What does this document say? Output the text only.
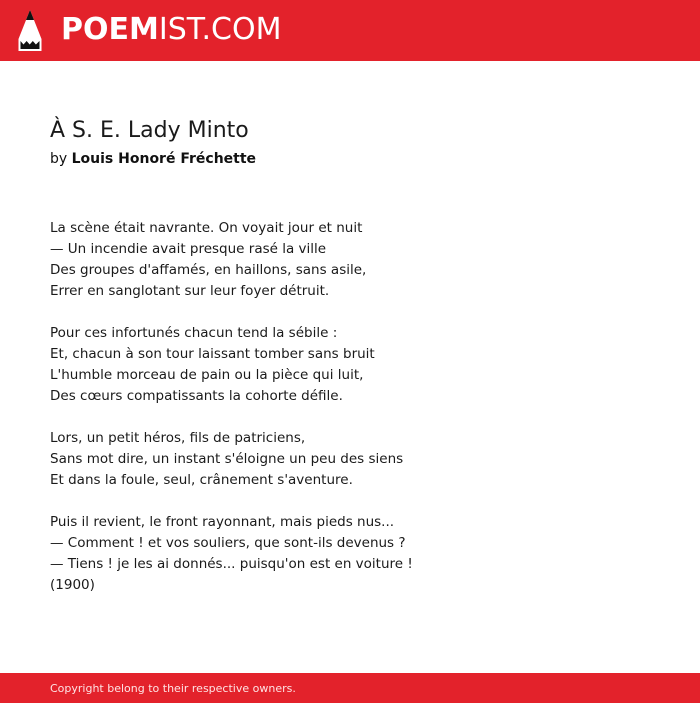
POEMIST.COM
À S. E. Lady Minto
by Louis Honoré Fréchette
La scène était navrante. On voyait jour et nuit
— Un incendie avait presque rasé la ville
Des groupes d'affamés, en haillons, sans asile,
Errer en sanglotant sur leur foyer détruit.
Pour ces infortunés chacun tend la sébile :
Et, chacun à son tour laissant tomber sans bruit
L'humble morceau de pain ou la pièce qui luit,
Des cœurs compatissants la cohorte défile.
Lors, un petit héros, fils de patriciens,
Sans mot dire, un instant s'éloigne un peu des siens
Et dans la foule, seul, crânement s'aventure.
Puis il revient, le front rayonnant, mais pieds nus...
— Comment ! et vos souliers, que sont-ils devenus ?
— Tiens ! je les ai donnés... puisqu'on est en voiture !
(1900)
Copyright belong to their respective owners.
